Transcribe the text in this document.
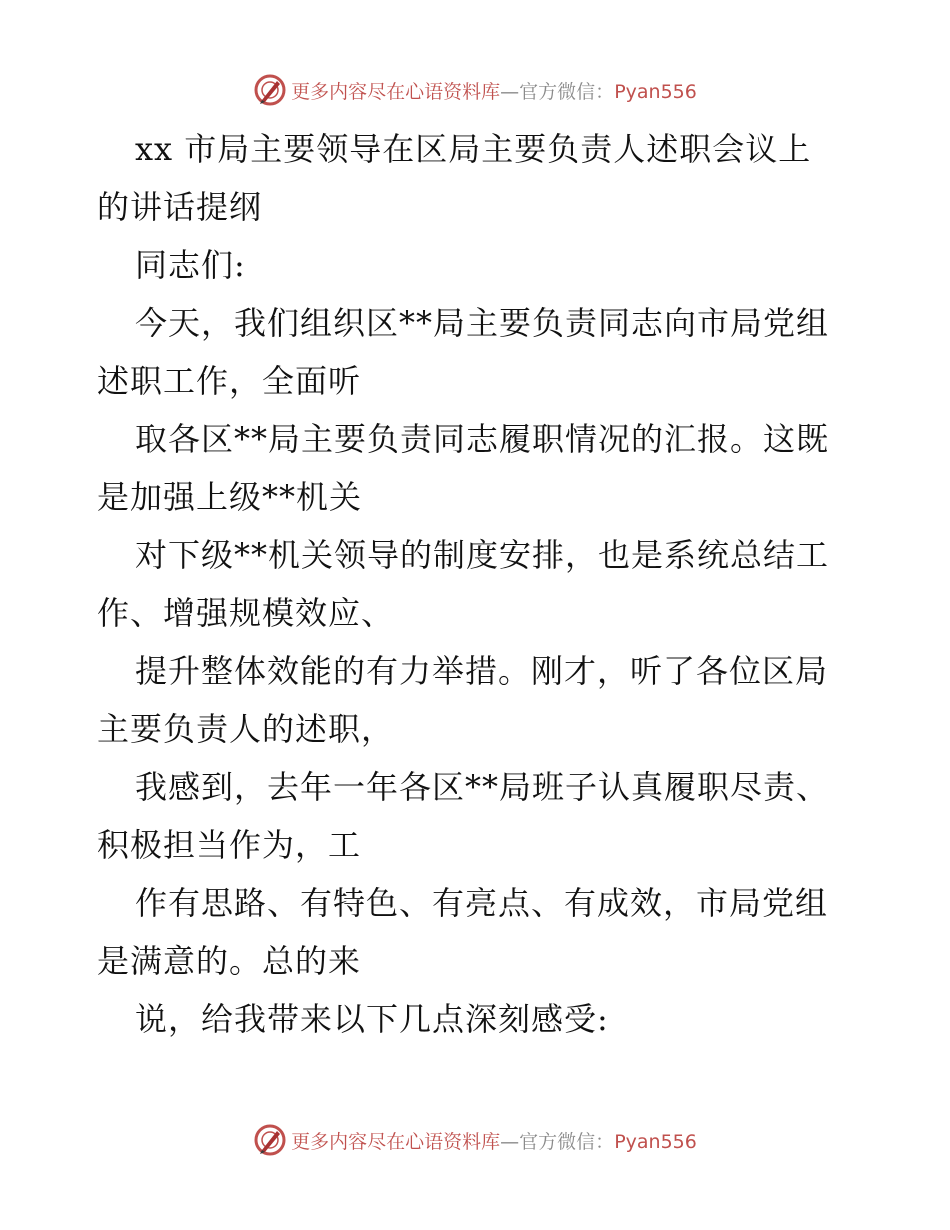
更多内容尽在心语资料库—官方微信：Pyan556
xx 市局主要领导在区局主要负责人述职会议上
的讲话提纲
同志们:
今天，我们组织区**局主要负责同志向市局党组
述职工作，全面听
取各区**局主要负责同志履职情况的汇报。这既
是加强上级**机关
对下级**机关领导的制度安排，也是系统总结工
作、增强规模效应、
提升整体效能的有力举措。刚才，听了各位区局
主要负责人的述职，
我感到，去年一年各区**局班子认真履职尽责、
积极担当作为，工
作有思路、有特色、有亮点、有成效，市局党组
是满意的。总的来
说，给我带来以下几点深刻感受:
更多内容尽在心语资料库—官方微信：Pyan556
